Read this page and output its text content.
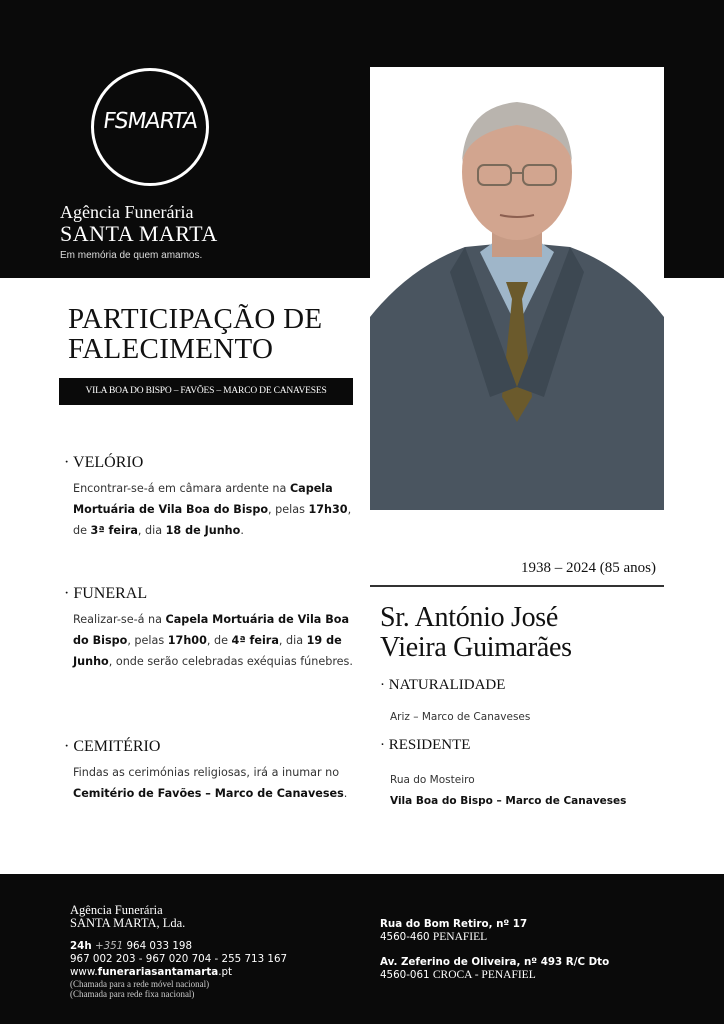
FSMARTA
Agência Funerária
SANTA MARTA
Em memória de quem amamos.
PARTICIPAÇÃO DE
FALECIMENTO
VILA BOA DO BISPO – FAVÕES – MARCO DE CANAVESES
· VELÓRIO

Encontrar-se-á em câmara ardente na Capela Mortuária de Vila Boa do Bispo, pelas 17h30, de 3ª feira, dia 18 de Junho.

· FUNERAL

Realizar-se-á na Capela Mortuária de Vila Boa do Bispo, pelas 17h00, de 4ª feira, dia 19 de Junho, onde serão celebradas exéquias fúnebres.

· CEMITÉRIO

Findas as cerimónias religiosas, irá a inumar no Cemitério de Favões – Marco de Canaveses.

1938 – 2024 (85 anos)
Sr. António José
Vieira Guimarães
· NATURALIDADE
Ariz – Marco de Canaveses
· RESIDENTE
Rua do Mosteiro
Vila Boa do Bispo – Marco de Canaveses
Agência Funerária
SANTA MARTA, Lda.
24h +351 964 033 198
967 002 203 - 967 020 704 - 255 713 167
www.funerariasantamarta.pt
(Chamada para a rede móvel nacional)
(Chamada para rede fixa nacional)
Rua do Bom Retiro, nº 17
4560-460 PENAFIEL
Av. Zeferino de Oliveira, nº 493 R/C Dto
4560-061 CROCA - PENAFIEL
